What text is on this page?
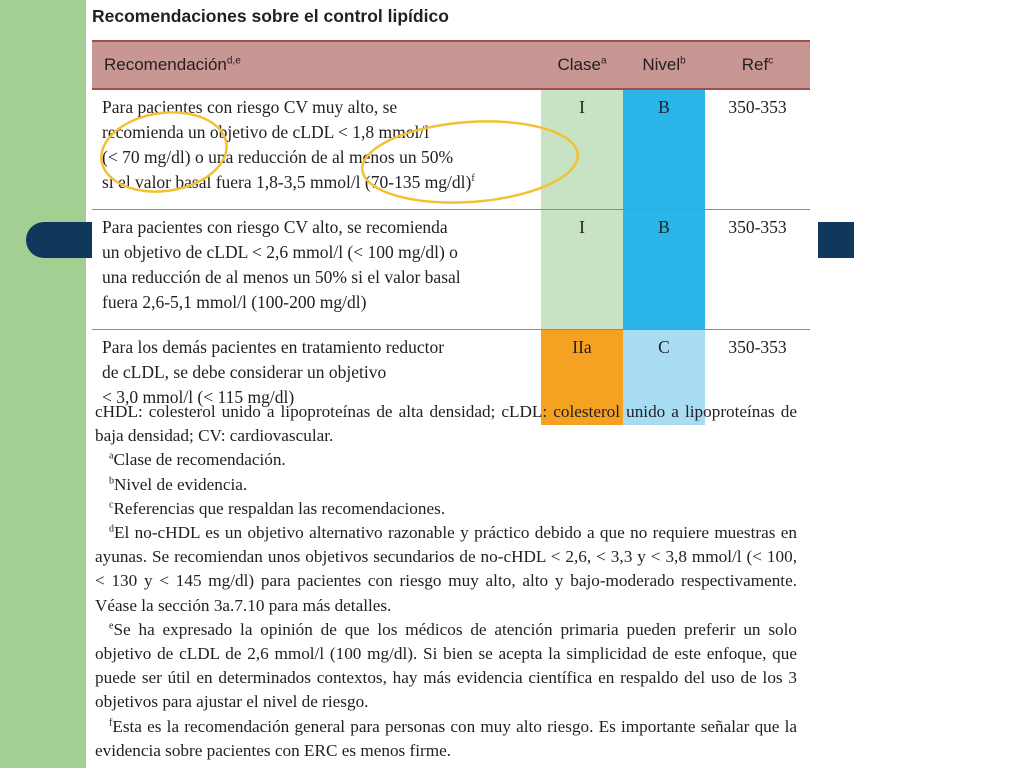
Recomendaciones sobre el control lipídico
Recomendación$^{d,e}$	Clase$^a$	Nivel$^b$	Ref$^c$

Para pacientes con riesgo CV muy alto, se
recomienda un objetivo de cLDL < 1,8 mmol/l
(< 70 mg/dl) o una reducción de al menos un 50%
si el valor basal fuera 1,8-3,5 mmol/l (70-135 mg/dl)$^f$	I	B	350-353

Para pacientes con riesgo CV alto, se recomienda
un objetivo de cLDL < 2,6 mmol/l (< 100 mg/dl) o
una reducción de al menos un 50% si el valor basal
fuera 2,6-5,1 mmol/l (100-200 mg/dl)	I	B	350-353

Para los demás pacientes en tratamiento reductor
de cLDL, se debe considerar un objetivo
< 3,0 mmol/l (< 115 mg/dl)	IIa	C	350-353

cHDL: colesterol unido a lipoproteínas de alta densidad; cLDL: colesterol unido a lipoproteínas de baja densidad; CV: cardiovascular.

$^a$Clase de recomendación.

$^b$Nivel de evidencia.

$^c$Referencias que respaldan las recomendaciones.

$^d$El no-cHDL es un objetivo alternativo razonable y práctico debido a que no requiere muestras en ayunas. Se recomiendan unos objetivos secundarios de no-cHDL < 2,6, < 3,3 y < 3,8 mmol/l (< 100, < 130 y < 145 mg/dl) para pacientes con riesgo muy alto, alto y bajo-moderado respectivamente. Véase la sección 3a.7.10 para más detalles.

$^e$Se ha expresado la opinión de que los médicos de atención primaria pueden preferir un solo objetivo de cLDL de 2,6 mmol/l (100 mg/dl). Si bien se acepta la simplicidad de este enfoque, que puede ser útil en determinados contextos, hay más evidencia científica en respaldo del uso de los 3 objetivos para ajustar el nivel de riesgo.

$^f$Esta es la recomendación general para personas con muy alto riesgo. Es importante señalar que la evidencia sobre pacientes con ERC es menos firme.
